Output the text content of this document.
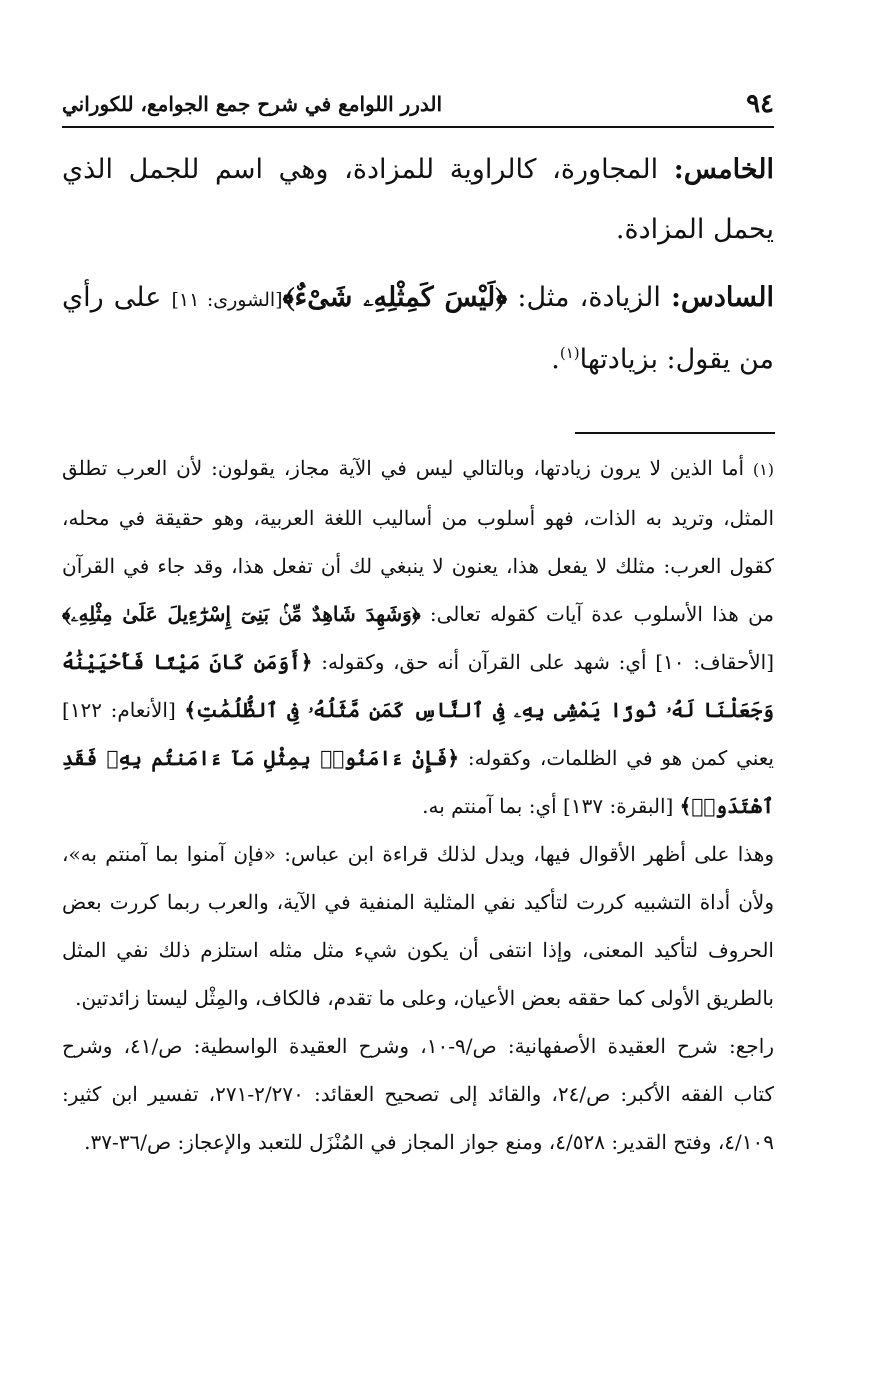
٩٤
الدرر اللوامع في شرح جمع الجوامع، للكوراني

الخامس: المجاورة، كالراوية للمزادة، وهي اسم للجمل الذي يحمل المزادة.

السادس: الزيادة، مثل: ﴿لَيْسَ كَمِثْلِهِۦ شَىْءٌ﴾[الشورى: ١١] على رأي من يقول: بزيادتها$^{(١)}$.

(١) أما الذين لا يرون زيادتها، وبالتالي ليس في الآية مجاز، يقولون: لأن العرب تطلق المثل، وتريد به الذات، فهو أسلوب من أساليب اللغة العربية، وهو حقيقة في محله، كقول العرب: مثلك لا يفعل هذا، يعنون لا ينبغي لك أن تفعل هذا، وقد جاء في القرآن من هذا الأسلوب عدة آيات كقوله تعالى: ﴿وَشَهِدَ شَاهِدٌ مِّنۢ بَنِىٓ إِسْرَٰٓءِيلَ عَلَىٰ مِثْلِهِۦ﴾ [الأحقاف: ١٠] أي: شهد على القرآن أنه حق، وكقوله: ﴿أَوَمَن كَانَ مَيْتًا فَأَحْيَيْنَٰهُ وَجَعَلْنَا لَهُۥ نُورًا يَمْشِى بِهِۦ فِى ٱلنَّاسِ كَمَن مَّثَلُهُۥ فِى ٱلظُّلُمَٰتِ﴾ [الأنعام: ١٢٢] يعني كمن هو في الظلمات، وكقوله: ﴿فَإِنْ ءَامَنُوا۟ بِمِثْلِ مَآ ءَامَنتُم بِهِۦ فَقَدِ ٱهْتَدَوا۟﴾ [البقرة: ١٣٧] أي: بما آمنتم به.

وهذا على أظهر الأقوال فيها، ويدل لذلك قراءة ابن عباس: «فإن آمنوا بما آمنتم به»، ولأن أداة التشبيه كررت لتأكيد نفي المثلية المنفية في الآية، والعرب ربما كررت بعض الحروف لتأكيد المعنى، وإذا انتفى أن يكون شيء مثل مثله استلزم ذلك نفي المثل بالطريق الأولى كما حققه بعض الأعيان، وعلى ما تقدم، فالكاف، والمِثْل ليستا زائدتين.

راجع: شرح العقيدة الأصفهانية: ص/٩-١٠، وشرح العقيدة الواسطية: ص/٤١، وشرح كتاب الفقه الأكبر: ص/٢٤، والقائد إلى تصحيح العقائد: ٢/٢٧٠-٢٧١، تفسير ابن كثير: ٤/١٠٩، وفتح القدير: ٤/٥٢٨، ومنع جواز المجاز في المُنْزَل للتعبد والإعجاز: ص/٣٦-٣٧.
